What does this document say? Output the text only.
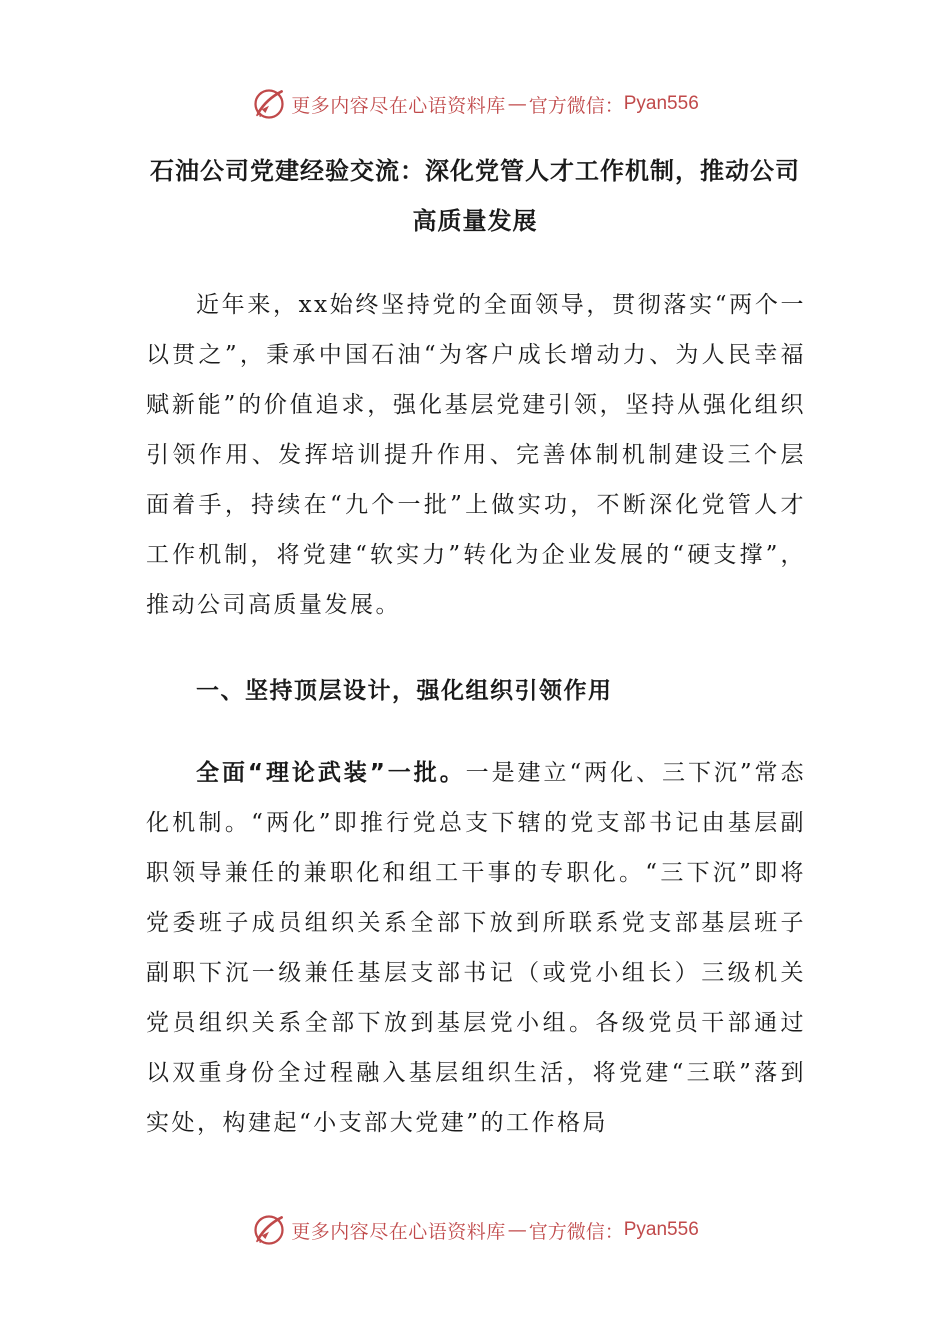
更多内容尽在心语资料库 — 官方微信： Pyan556
石油公司党建经验交流：深化党管人才工作机制，推动公司高质量发展

近年来，xx始终坚持党的全面领导，贯彻落实“两个一以贯之”，秉承中国石油“为客户成长增动力、为人民幸福赋新能”的价值追求，强化基层党建引领，坚持从强化组织引领作用、发挥培训提升作用、完善体制机制建设三个层面着手，持续在“九个一批”上做实功，不断深化党管人才工作机制，将党建“软实力”转化为企业发展的“硬支撑”，推动公司高质量发展。

一、坚持顶层设计，强化组织引领作用

全面“理论武装”一批。一是建立“两化、三下沉”常态化机制。“两化”即推行党总支下辖的党支部书记由基层副职领导兼任的兼职化和组工干事的专职化。“三下沉”即将党委班子成员组织关系全部下放到所联系党支部基层班子副职下沉一级兼任基层支部书记（或党小组长）三级机关党员组织关系全部下放到基层党小组。各级党员干部通过以双重身份全过程融入基层组织生活，将党建“三联”落到实处，构建起“小支部大党建”的工作格局

更多内容尽在心语资料库 — 官方微信： Pyan556
